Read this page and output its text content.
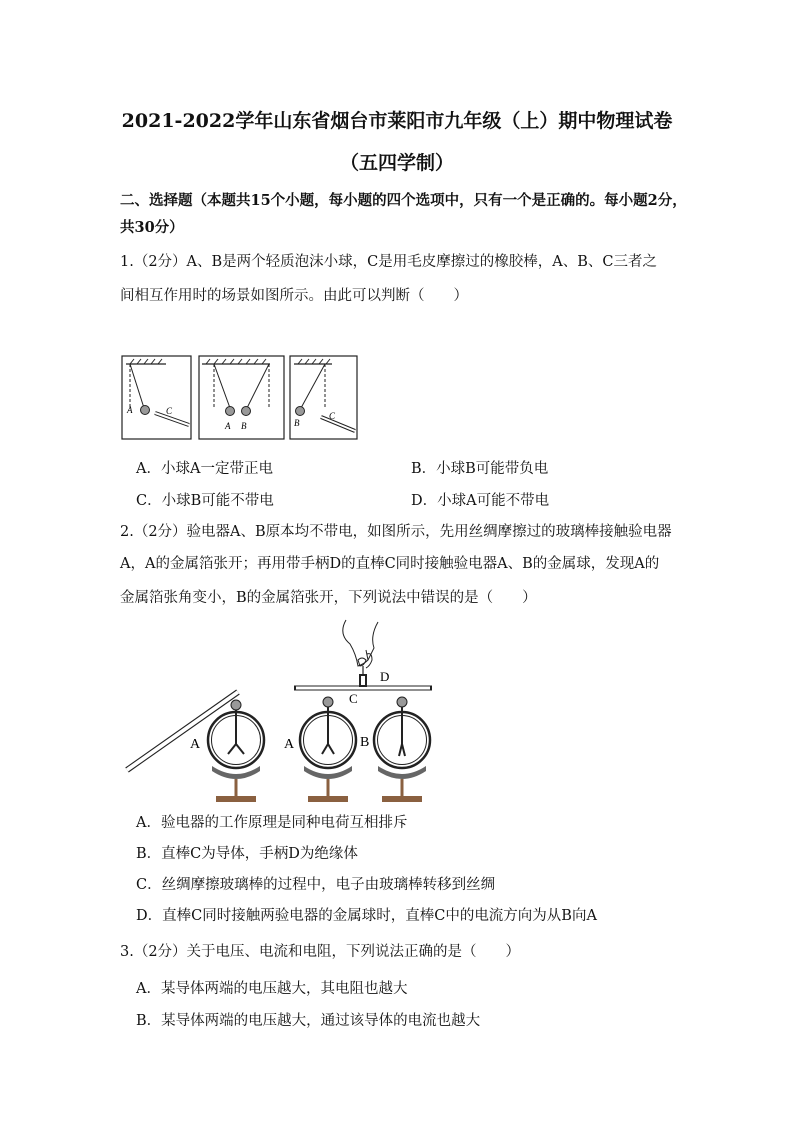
2021-2022学年山东省烟台市莱阳市九年级（上）期中物理试卷
（五四学制）
二、选择题（本题共15个小题，每小题的四个选项中，只有一个是正确的。每小题2分，
共30分）
1.（2分）A、B是两个轻质泡沫小球，C是用毛皮摩擦过的橡胶棒，A、B、C三者之
间相互作用时的场景如图所示。由此可以判断（　　）
A	C
A B	B
C
A．小球A一定带正电	B．小球B可能带负电
C．小球B可能不带电	D．小球A可能不带电
2.（2分）验电器A、B原本均不带电，如图所示，先用丝绸摩擦过的玻璃棒接触验电器
A，A的金属箔张开；再用带手柄D的直棒C同时接触验电器A、B的金属球，发现A的
金属箔张角变小，B的金属箔张开，下列说法中错误的是（　　）
A
C
D
A	B
A．验电器的工作原理是同种电荷互相排斥
B．直棒C为导体，手柄D为绝缘体
C．丝绸摩擦玻璃棒的过程中，电子由玻璃棒转移到丝绸
D．直棒C同时接触两验电器的金属球时，直棒C中的电流方向为从B向A
3.（2分）关于电压、电流和电阻，下列说法正确的是（　　）
A．某导体两端的电压越大，其电阻也越大
B．某导体两端的电压越大，通过该导体的电流也越大
